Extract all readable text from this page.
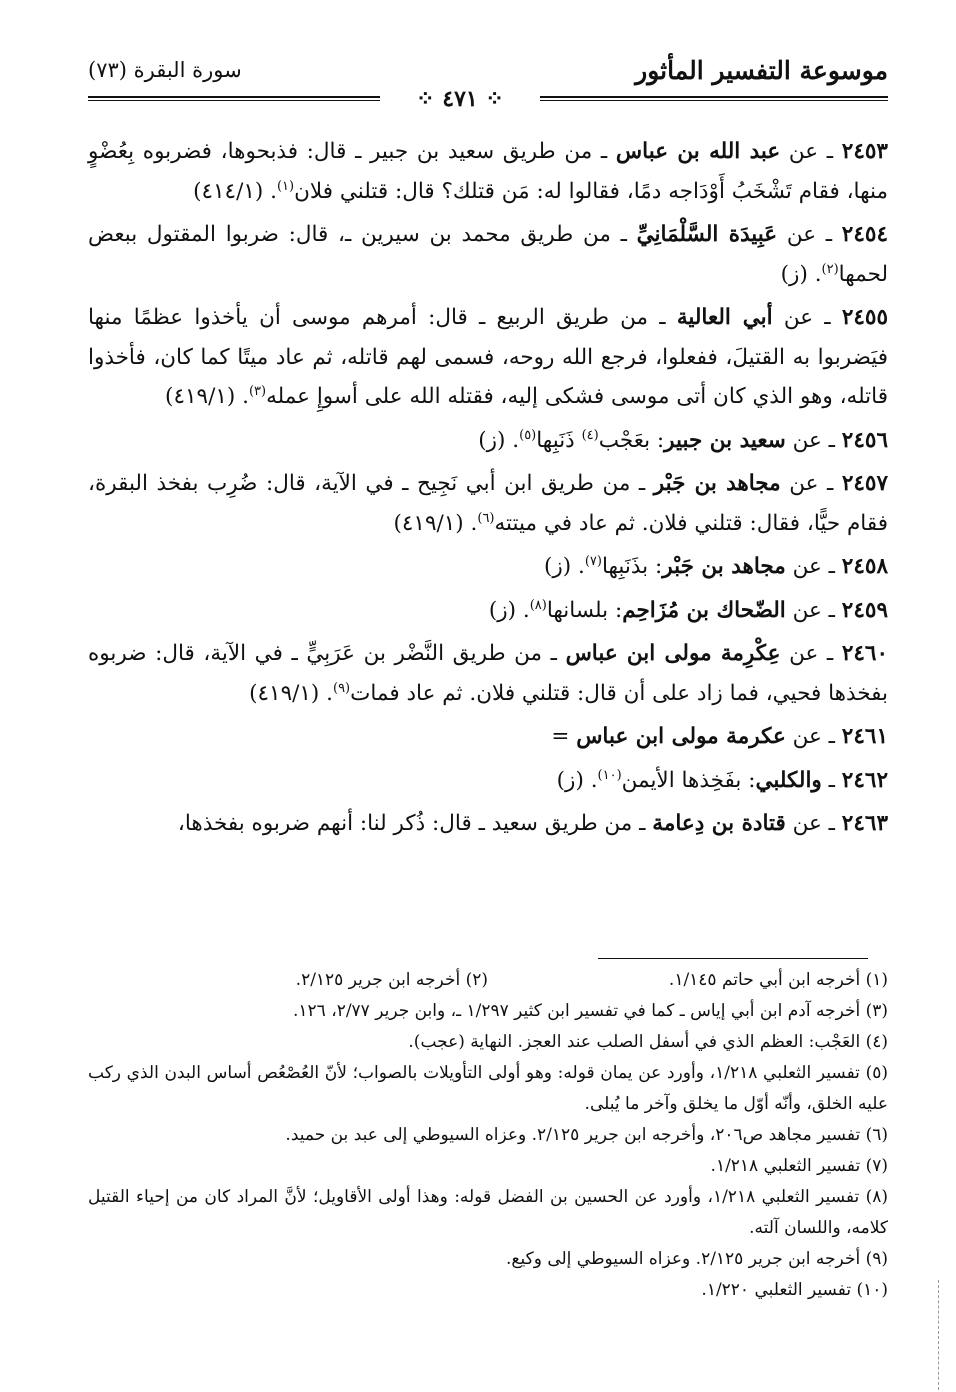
موسوعة التفسير المأثور
سورة البقرة (٧٣)
⁘ ٤٧١ ⁘

٢٤٥٣ ـ عن عبد الله بن عباس ـ من طريق سعيد بن جبير ـ قال: فذبحوها، فضربوه بِعُضْوٍ منها، فقام تَشْخَبُ أَوْدَاجه دمًا، فقالوا له: مَن قتلك؟ قال: قتلني فلان$^{(١)}$. (٤١٤/١)

٢٤٥٤ ـ عن عَبِيدَة السَّلْمَانِيِّ ـ من طريق محمد بن سيرين ـ، قال: ضربوا المقتول ببعض لحمها$^{(٢)}$. (ز)

٢٤٥٥ ـ عن أبي العالية ـ من طريق الربيع ـ قال: أمرهم موسى أن يأخذوا عظمًا منها فيَضربوا به القتيلَ، ففعلوا، فرجع الله روحه، فسمى لهم قاتله، ثم عاد ميتًا كما كان، فأخذوا قاتله، وهو الذي كان أتى موسى فشكى إليه، فقتله الله على أسوإِ عمله$^{(٣)}$. (٤١٩/١)

٢٤٥٦ ـ عن سعيد بن جبير: بعَجْب$^{(٤)}$ ذَنَبِها$^{(٥)}$. (ز)

٢٤٥٧ ـ عن مجاهد بن جَبْر ـ من طريق ابن أبي نَجِيح ـ في الآية، قال: ضُرِب بفخذ البقرة، فقام حيًّا، فقال: قتلني فلان. ثم عاد في ميتته$^{(٦)}$. (٤١٩/١)

٢٤٥٨ ـ عن مجاهد بن جَبْر: بذَنَبِها$^{(٧)}$. (ز)

٢٤٥٩ ـ عن الضّحاك بن مُزَاحِم: بلسانها$^{(٨)}$. (ز)

٢٤٦٠ ـ عن عِكْرِمة مولى ابن عباس ـ من طريق النَّضْر بن عَرَبِيٍّ ـ في الآية، قال: ضربوه بفخذها فحيي، فما زاد على أن قال: قتلني فلان. ثم عاد فمات$^{(٩)}$. (٤١٩/١)

٢٤٦١ ـ عن عكرمة مولى ابن عباس =

٢٤٦٢ ـ والكلبي: بفَخِذها الأيمن$^{(١٠)}$. (ز)

٢٤٦٣ ـ عن قتادة بن دِعامة ـ من طريق سعيد ـ قال: ذُكر لنا: أنهم ضربوه بفخذها،

(١) أخرجه ابن أبي حاتم ١/١٤٥.
(٢) أخرجه ابن جرير ٢/١٢٥.
(٣) أخرجه آدم ابن أبي إياس ـ كما في تفسير ابن كثير ١/٢٩٧ ـ، وابن جرير ٢/٧٧، ١٢٦.
(٤) العَجْب: العظم الذي في أسفل الصلب عند العجز. النهاية (عجب).
(٥) تفسير الثعلبي ١/٢١٨، وأورد عن يمان قوله: وهو أولى التأويلات بالصواب؛ لأنّ العُصْعُص أساس البدن الذي ركب عليه الخلق، وأنّه أوّل ما يخلق وآخر ما يُبلى.
(٦) تفسير مجاهد ص٢٠٦، وأخرجه ابن جرير ٢/١٢٥. وعزاه السيوطي إلى عبد بن حميد.
(٧) تفسير الثعلبي ١/٢١٨.
(٨) تفسير الثعلبي ١/٢١٨، وأورد عن الحسين بن الفضل قوله: وهذا أولى الأقاويل؛ لأنَّ المراد كان من إحياء القتيل كلامه، واللسان آلته.
(٩) أخرجه ابن جرير ٢/١٢٥. وعزاه السيوطي إلى وكيع.
(١٠) تفسير الثعلبي ١/٢٢٠.
